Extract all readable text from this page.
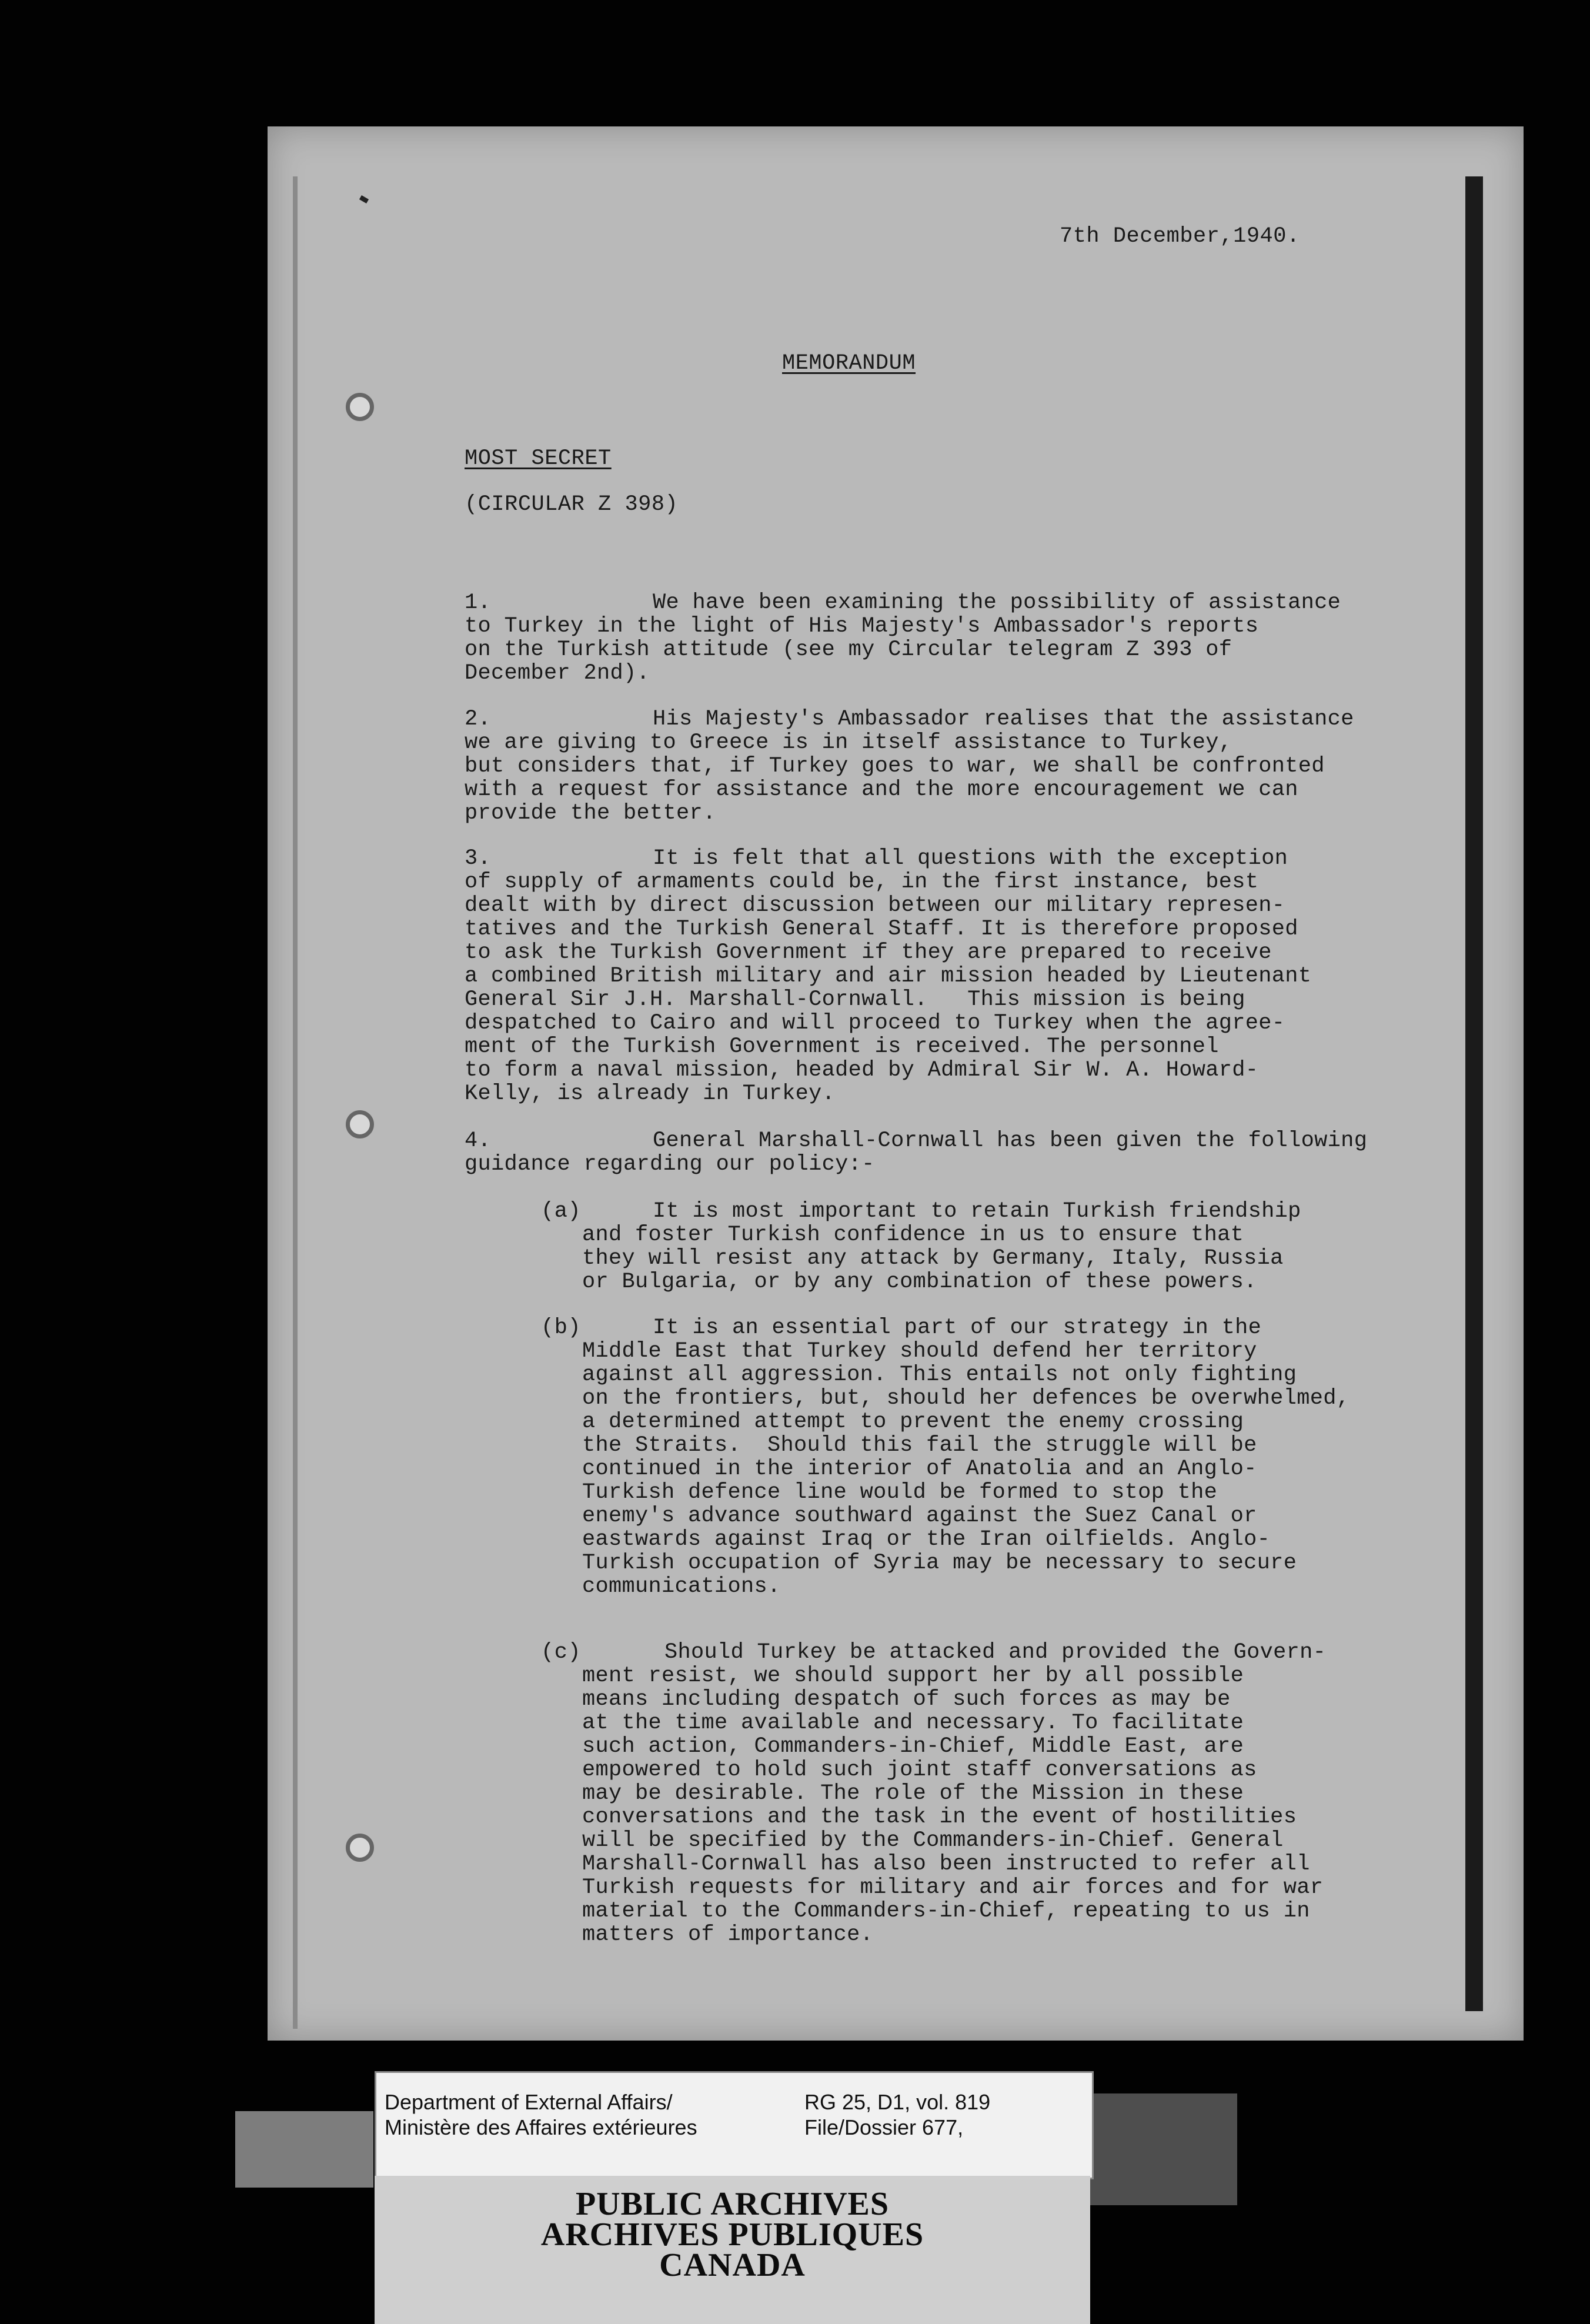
7th December,1940.
MEMORANDUM
MOST SECRET
(CIRCULAR Z 398)
1.	We have been examining the possibility of assistance
to Turkey in the light of His Majesty's Ambassador's reports
on the Turkish attitude (see my Circular telegram Z 393 of
December 2nd).
2.	His Majesty's Ambassador realises that the assistance
we are giving to Greece is in itself assistance to Turkey,
but considers that, if Turkey goes to war, we shall be confronted
with a request for assistance and the more encouragement we can
provide the better.
3.	It is felt that all questions with the exception
of supply of armaments could be, in the first instance, best
dealt with by direct discussion between our military represen-
tatives and the Turkish General Staff. It is therefore proposed
to ask the Turkish Government if they are prepared to receive
a combined British military and air mission headed by Lieutenant
General Sir J.H. Marshall-Cornwall.   This mission is being
despatched to Cairo and will proceed to Turkey when the agree-
ment of the Turkish Government is received. The personnel
to form a naval mission, headed by Admiral Sir W. A. Howard-
Kelly, is already in Turkey.
4.	General Marshall-Cornwall has been given the following
guidance regarding our policy:-
(a)	It is most important to retain Turkish friendship
and foster Turkish confidence in us to ensure that
they will resist any attack by Germany, Italy, Russia
or Bulgaria, or by any combination of these powers.
(b)	It is an essential part of our strategy in the
Middle East that Turkey should defend her territory
against all aggression. This entails not only fighting
on the frontiers, but, should her defences be overwhelmed,
a determined attempt to prevent the enemy crossing
the Straits.  Should this fail the struggle will be
continued in the interior of Anatolia and an Anglo-
Turkish defence line would be formed to stop the
enemy's advance southward against the Suez Canal or
eastwards against Iraq or the Iran oilfields. Anglo-
Turkish occupation of Syria may be necessary to secure
communications.
(c)	Should Turkey be attacked and provided the Govern-
ment resist, we should support her by all possible
means including despatch of such forces as may be
at the time available and necessary. To facilitate
such action, Commanders-in-Chief, Middle East, are
empowered to hold such joint staff conversations as
may be desirable. The role of the Mission in these
conversations and the task in the event of hostilities
will be specified by the Commanders-in-Chief. General
Marshall-Cornwall has also been instructed to refer all
Turkish requests for military and air forces and for war
material to the Commanders-in-Chief, repeating to us in
matters of importance.
Department of External Affairs/
Ministère des Affaires extérieures
RG 25, D1, vol. 819
File/Dossier 677,
PUBLIC ARCHIVES
ARCHIVES PUBLIQUES
CANADA
